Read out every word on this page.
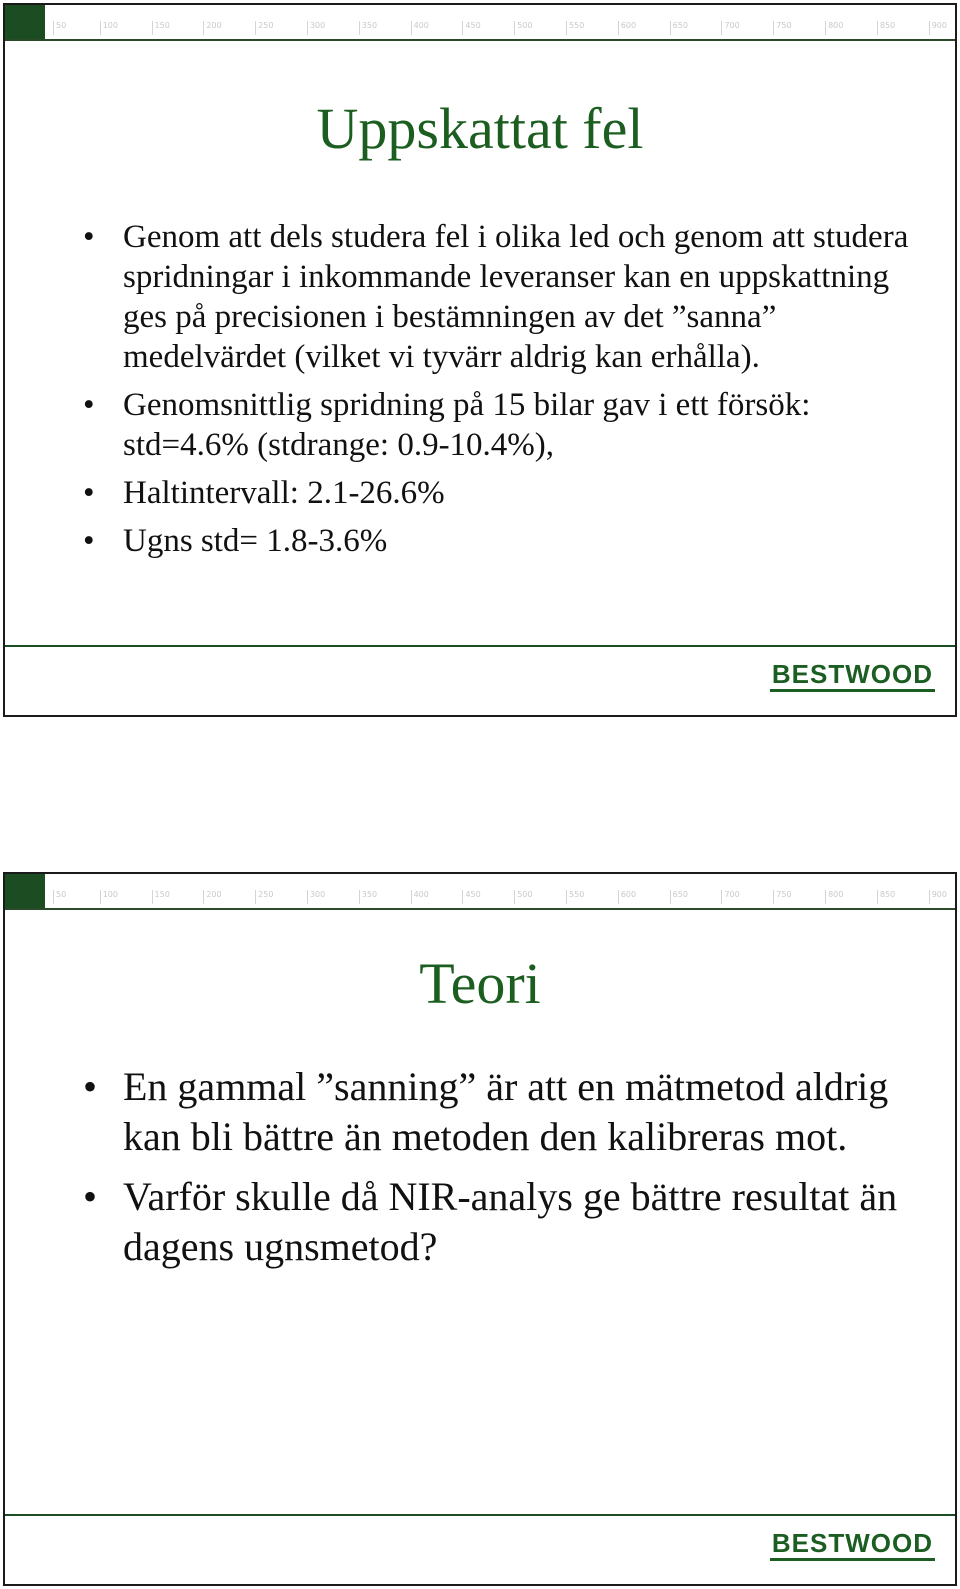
50	100	150	200	250	300	350	400	450	500	550	600	650	700	750	800	850	900
Uppskattat fel
• Genom att dels studera fel i olika led och genom att studera spridningar i inkommande leveranser kan en uppskattning ges på precisionen i bestämningen av det ”sanna” medelvärdet (vilket vi tyvärr aldrig kan erhålla).
• Genomsnittlig spridning på 15 bilar gav i ett försök: std=4.6% (stdrange: 0.9-10.4%),
• Haltintervall: 2.1-26.6%
• Ugns std= 1.8-3.6%
BESTWOOD
50	100	150	200	250	300	350	400	450	500	550	600	650	700	750	800	850	900
Teori
• En gammal ”sanning” är att en mätmetod aldrig kan bli bättre än metoden den kalibreras mot.
• Varför skulle då NIR-analys ge bättre resultat än dagens ugnsmetod?
BESTWOOD
